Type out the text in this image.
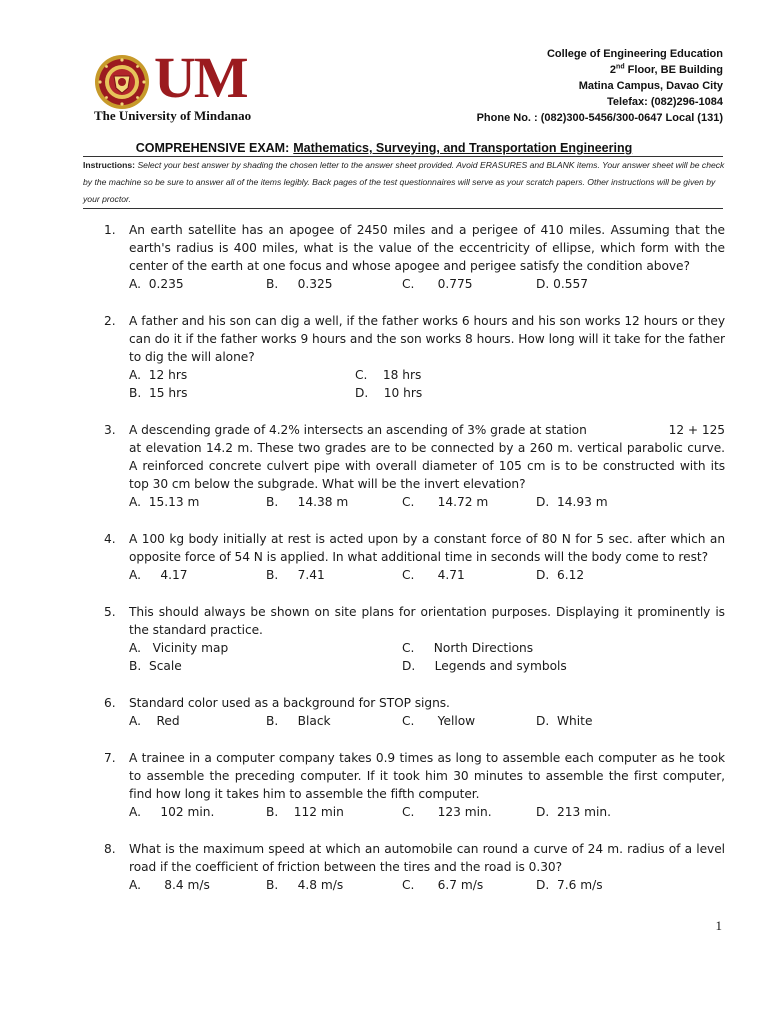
UM
The University of Mindanao
College of Engineering Education
2nd Floor, BE Building
Matina Campus, Davao City
Telefax: (082)296-1084
Phone No. : (082)300-5456/300-0647 Local (131)
COMPREHENSIVE EXAM: Mathematics, Surveying, and Transportation Engineering
Instructions: Select your best answer by shading the chosen letter to the answer sheet provided. Avoid ERASURES and BLANK items. Your answer sheet will be check by the machine so be sure to answer all of the items legibly. Back pages of the test questionnaires will serve as your scratch papers. Other instructions will be given by your proctor.
1. An earth satellite has an apogee of 2450 miles and a perigee of 410 miles. Assuming that the earth's radius is 400 miles, what is the value of the eccentricity of ellipse, which form with the center of the earth at one focus and whose apogee and perigee satisfy the condition above?
A.  0.235	B.     0.325	C.      0.775	D. 0.557
2. A father and his son can dig a well, if the father works 6 hours and his son works 12 hours or they can do it if the father works 9 hours and the son works 8 hours. How long will it take for the father to dig the will alone?
A.  12 hrs	C.    18 hrs
B.  15 hrs	D.    10 hrs
3. A descending grade of 4.2% intersects an ascending of 3% grade at station	12 + 125
at elevation 14.2 m. These two grades are to be connected by a 260 m. vertical parabolic curve. A reinforced concrete culvert pipe with overall diameter of 105 cm is to be constructed with its top 30 cm below the subgrade. What will be the invert elevation?
A.  15.13 m	B.     14.38 m	C.      14.72 m	D.  14.93 m
4. A 100 kg body initially at rest is acted upon by a constant force of 80 N for 5 sec. after which an opposite force of 54 N is applied. In what additional time in seconds will the body come to rest?
A.     4.17	B.     7.41	C.      4.71	D.  6.12
5. This should always be shown on site plans for orientation purposes. Displaying it prominently is the standard practice.
A.   Vicinity map	C.     North Directions
B.  Scale	D.     Legends and symbols
6. Standard color used as a background for STOP signs.
A.    Red	B.     Black	C.      Yellow	D.  White
7. A trainee in a computer company takes 0.9 times as long to assemble each computer as he took to assemble the preceding computer. If it took him 30 minutes to assemble the first computer, find how long it takes him to assemble the fifth computer.
A.     102 min.	B.    112 min	C.      123 min.	D.  213 min.
8. What is the maximum speed at which an automobile can round a curve of 24 m. radius of a level road if the coefficient of friction between the tires and the road is 0.30?
A.      8.4 m/s	B.     4.8 m/s	C.      6.7 m/s	D.  7.6 m/s
1
